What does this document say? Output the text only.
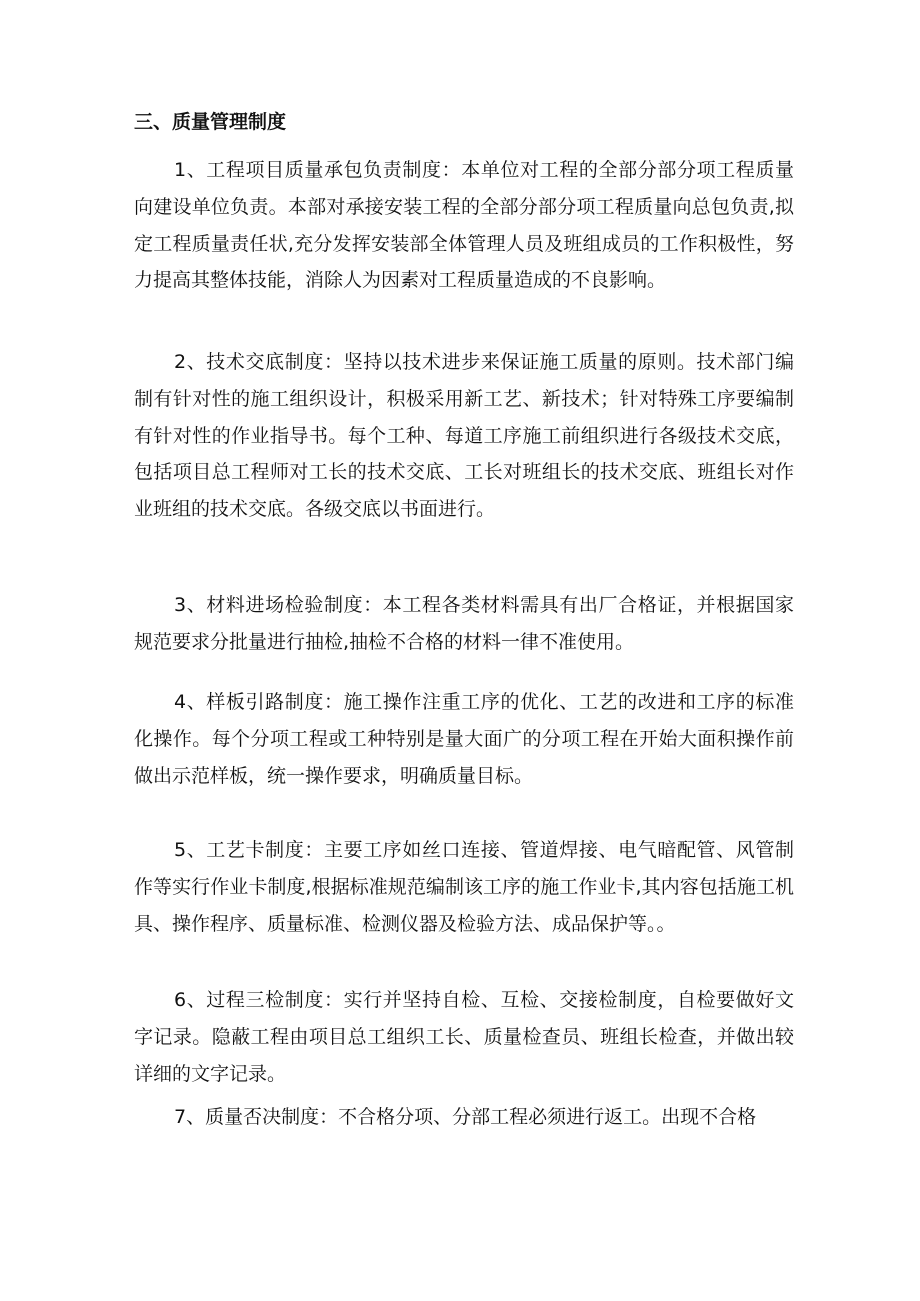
三、质量管理制度
1、工程项目质量承包负责制度：本单位对工程的全部分部分项工程质量向建设单位负责。本部对承接安装工程的全部分部分项工程质量向总包负责,拟定工程质量责任状,充分发挥安装部全体管理人员及班组成员的工作积极性，努力提高其整体技能，消除人为因素对工程质量造成的不良影响。
2、技术交底制度：坚持以技术进步来保证施工质量的原则。技术部门编制有针对性的施工组织设计，积极采用新工艺、新技术；针对特殊工序要编制有针对性的作业指导书。每个工种、每道工序施工前组织进行各级技术交底，包括项目总工程师对工长的技术交底、工长对班组长的技术交底、班组长对作业班组的技术交底。各级交底以书面进行。
3、材料进场检验制度：本工程各类材料需具有出厂合格证，并根据国家规范要求分批量进行抽检,抽检不合格的材料一律不准使用。
4、样板引路制度：施工操作注重工序的优化、工艺的改进和工序的标准化操作。每个分项工程或工种特别是量大面广的分项工程在开始大面积操作前做出示范样板，统一操作要求，明确质量目标。
5、工艺卡制度：主要工序如丝口连接、管道焊接、电气暗配管、风管制作等实行作业卡制度,根据标准规范编制该工序的施工作业卡,其内容包括施工机具、操作程序、质量标准、检测仪器及检验方法、成品保护等。。
6、过程三检制度：实行并坚持自检、互检、交接检制度，自检要做好文字记录。隐蔽工程由项目总工组织工长、质量检查员、班组长检查，并做出较详细的文字记录。
7、质量否决制度：不合格分项、分部工程必须进行返工。出现不合格
